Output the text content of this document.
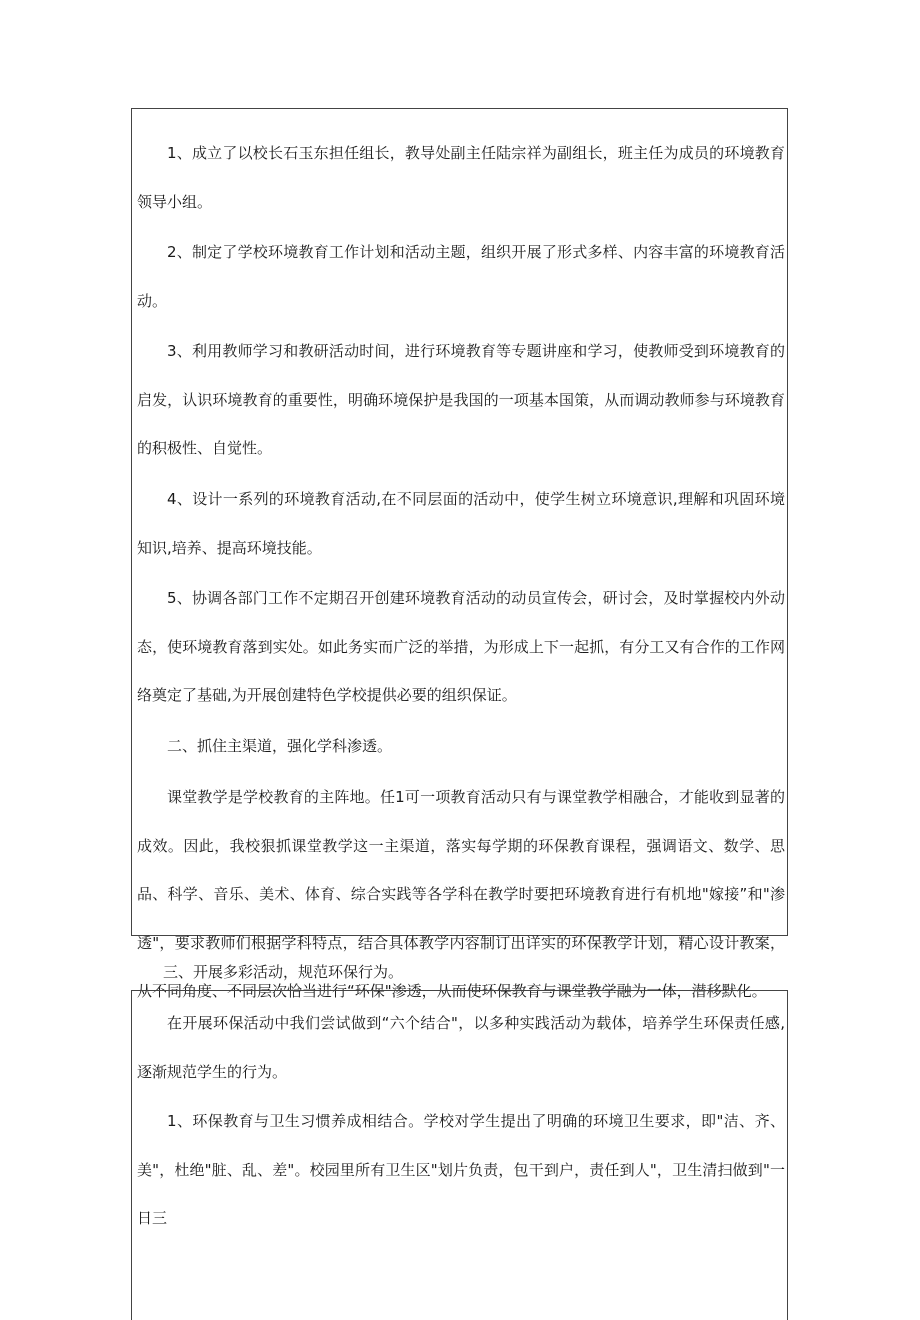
1、成立了以校长石玉东担任组长，教导处副主任陆宗祥为副组长，班主任为成员的环境教育领导小组。
2、制定了学校环境教育工作计划和活动主题，组织开展了形式多样、内容丰富的环境教育活动。
3、利用教师学习和教研活动时间，进行环境教育等专题讲座和学习，使教师受到环境教育的启发，认识环境教育的重要性，明确环境保护是我国的一项基本国策，从而调动教师参与环境教育的积极性、自觉性。
4、设计一系列的环境教育活动,在不同层面的活动中，使学生树立环境意识,理解和巩固环境知识,培养、提高环境技能。
5、协调各部门工作不定期召开创建环境教育活动的动员宣传会，研讨会，及时掌握校内外动态，使环境教育落到实处。如此务实而广泛的举措，为形成上下一起抓，有分工又有合作的工作网络奠定了基础,为开展创建特色学校提供必要的组织保证。
二、抓住主渠道，强化学科渗透。
课堂教学是学校教育的主阵地。任1可一项教育活动只有与课堂教学相融合，才能收到显著的成效。因此，我校狠抓课堂教学这一主渠道，落实每学期的环保教育课程，强调语文、数学、思品、科学、音乐、美术、体育、综合实践等各学科在教学时要把环境教育进行有机地"嫁接”和"渗透"，要求教师们根据学科特点，结合具体教学内容制订出详实的环保教学计划，精心设计教案，从不同角度、不同层次恰当进行“环保"渗透，从而使环保教育与课堂教学融为一体，潜移默化。
三、开展多彩活动，规范环保行为。
在开展环保活动中我们尝试做到“六个结合"，以多种实践活动为载体，培养学生环保责任感,逐渐规范学生的行为。
1、环保教育与卫生习惯养成相结合。学校对学生提出了明确的环境卫生要求，即"洁、齐、美"，杜绝"脏、乱、差"。校园里所有卫生区"划片负责，包干到户，责任到人"，卫生清扫做到"一日三
